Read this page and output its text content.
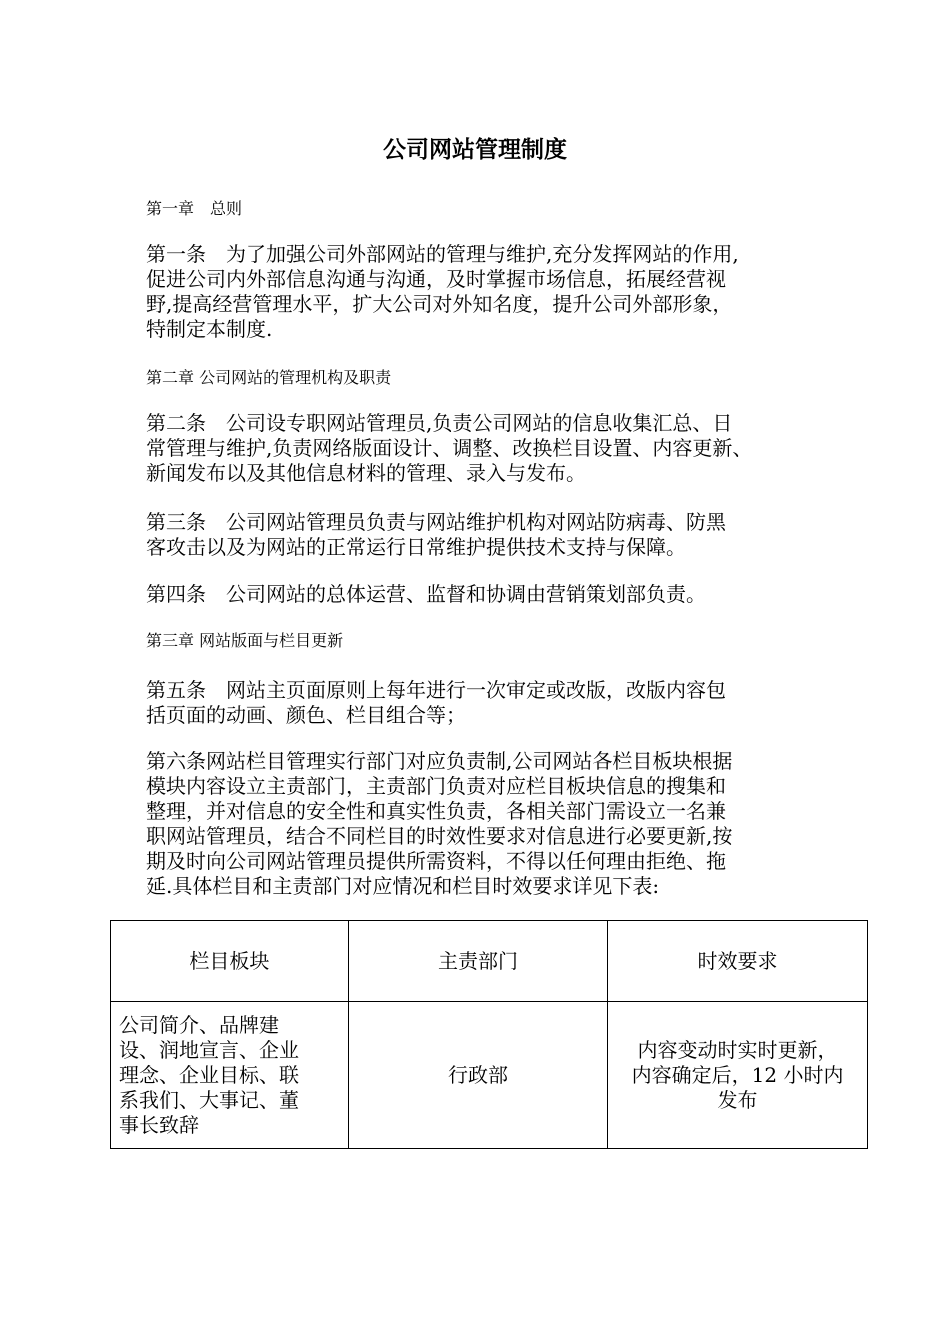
公司网站管理制度

第一章　总则

第一条　为了加强公司外部网站的管理与维护,充分发挥网站的作用,
促进公司内外部信息沟通与沟通，及时掌握市场信息，拓展经营视
野,提高经营管理水平，扩大公司对外知名度，提升公司外部形象，
特制定本制度.

第二章 公司网站的管理机构及职责

第二条　公司设专职网站管理员,负责公司网站的信息收集汇总、日
常管理与维护,负责网络版面设计、调整、改换栏目设置、内容更新、
新闻发布以及其他信息材料的管理、录入与发布。
第三条　公司网站管理员负责与网站维护机构对网站防病毒、防黑
客攻击以及为网站的正常运行日常维护提供技术支持与保障。
第四条　公司网站的总体运营、监督和协调由营销策划部负责。

第三章 网站版面与栏目更新

第五条　网站主页面原则上每年进行一次审定或改版，改版内容包
括页面的动画、颜色、栏目组合等；
第六条网站栏目管理实行部门对应负责制,公司网站各栏目板块根据
模块内容设立主责部门，主责部门负责对应栏目板块信息的搜集和
整理，并对信息的安全性和真实性负责，各相关部门需设立一名兼
职网站管理员，结合不同栏目的时效性要求对信息进行必要更新,按
期及时向公司网站管理员提供所需资料，不得以任何理由拒绝、拖
延.具体栏目和主责部门对应情况和栏目时效要求详见下表:
栏目板块	主责部门	时效要求

公司简介、品牌建
设、润地宣言、企业
理念、企业目标、联
系我们、大事记、董
事长致辞	行政部	内容变动时实时更新，
内容确定后，12 小时内
发布
